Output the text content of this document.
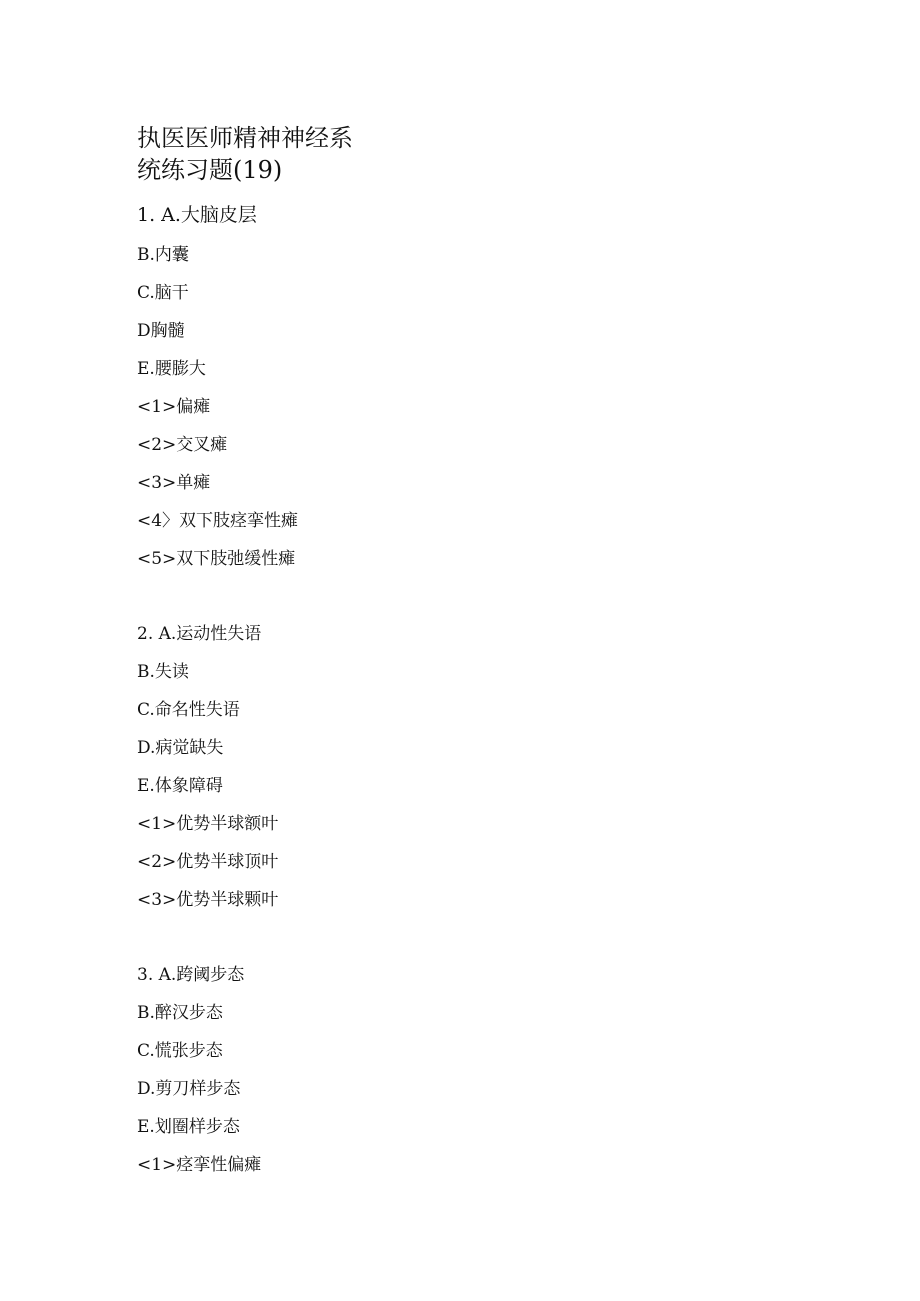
执医医师精神神经系
统练习题(19)
1. A.大脑皮层
B.内囊
C.脑干
D胸髓
E.腰膨大
<1>偏瘫
<2>交叉瘫
<3>单瘫
<4〉双下肢痉挛性瘫
<5>双下肢弛缓性瘫
2. A.运动性失语
B.失读
C.命名性失语
D.病觉缺失
E.体象障碍
<1>优势半球额叶
<2>优势半球顶叶
<3>优势半球颗叶
3. A.跨阈步态
B.醉汉步态
C.慌张步态
D.剪刀样步态
E.划圈样步态
<1>痉挛性偏瘫
